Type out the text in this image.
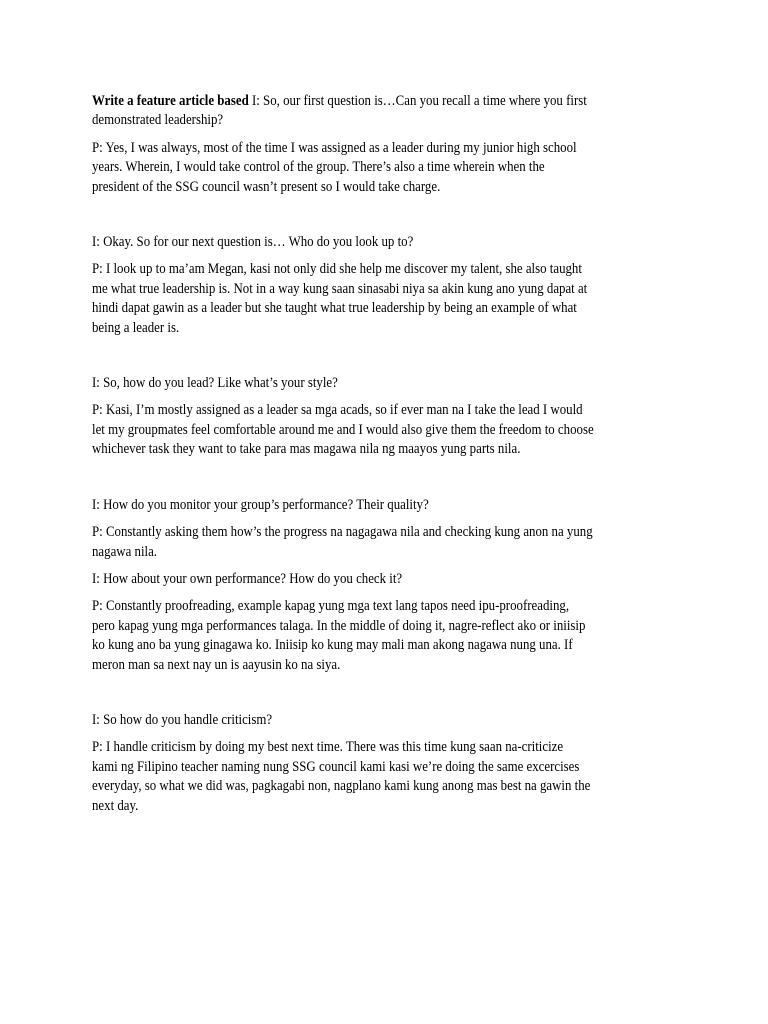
Write a feature article based I: So, our first question is…Can you recall a time where you first

demonstrated leadership?

P: Yes, I was always, most of the time I was assigned as a leader during my junior high school

years. Wherein, I would take control of the group. There’s also a time wherein when the

president of the SSG council wasn’t present so I would take charge.

I: Okay. So for our next question is… Who do you look up to?

P: I look up to ma’am Megan, kasi not only did she help me discover my talent, she also taught

me what true leadership is. Not in a way kung saan sinasabi niya sa akin kung ano yung dapat at

hindi dapat gawin as a leader but she taught what true leadership by being an example of what

being a leader is.

I: So, how do you lead? Like what’s your style?

P: Kasi, I’m mostly assigned as a leader sa mga acads, so if ever man na I take the lead I would

let my groupmates feel comfortable around me and I would also give them the freedom to choose

whichever task they want to take para mas magawa nila ng maayos yung parts nila.

I: How do you monitor your group’s performance? Their quality?

P: Constantly asking them how’s the progress na nagagawa nila and checking kung anon na yung

nagawa nila.

I: How about your own performance? How do you check it?

P: Constantly proofreading, example kapag yung mga text lang tapos need ipu-proofreading,

pero kapag yung mga performances talaga. In the middle of doing it, nagre-reflect ako or iniisip

ko kung ano ba yung ginagawa ko. Iniisip ko kung may mali man akong nagawa nung una. If

meron man sa next nay un is aayusin ko na siya.

I: So how do you handle criticism?

P: I handle criticism by doing my best next time. There was this time kung saan na-criticize

kami ng Filipino teacher naming nung SSG council kami kasi we’re doing the same excercises

everyday, so what we did was, pagkagabi non, nagplano kami kung anong mas best na gawin the

next day.
